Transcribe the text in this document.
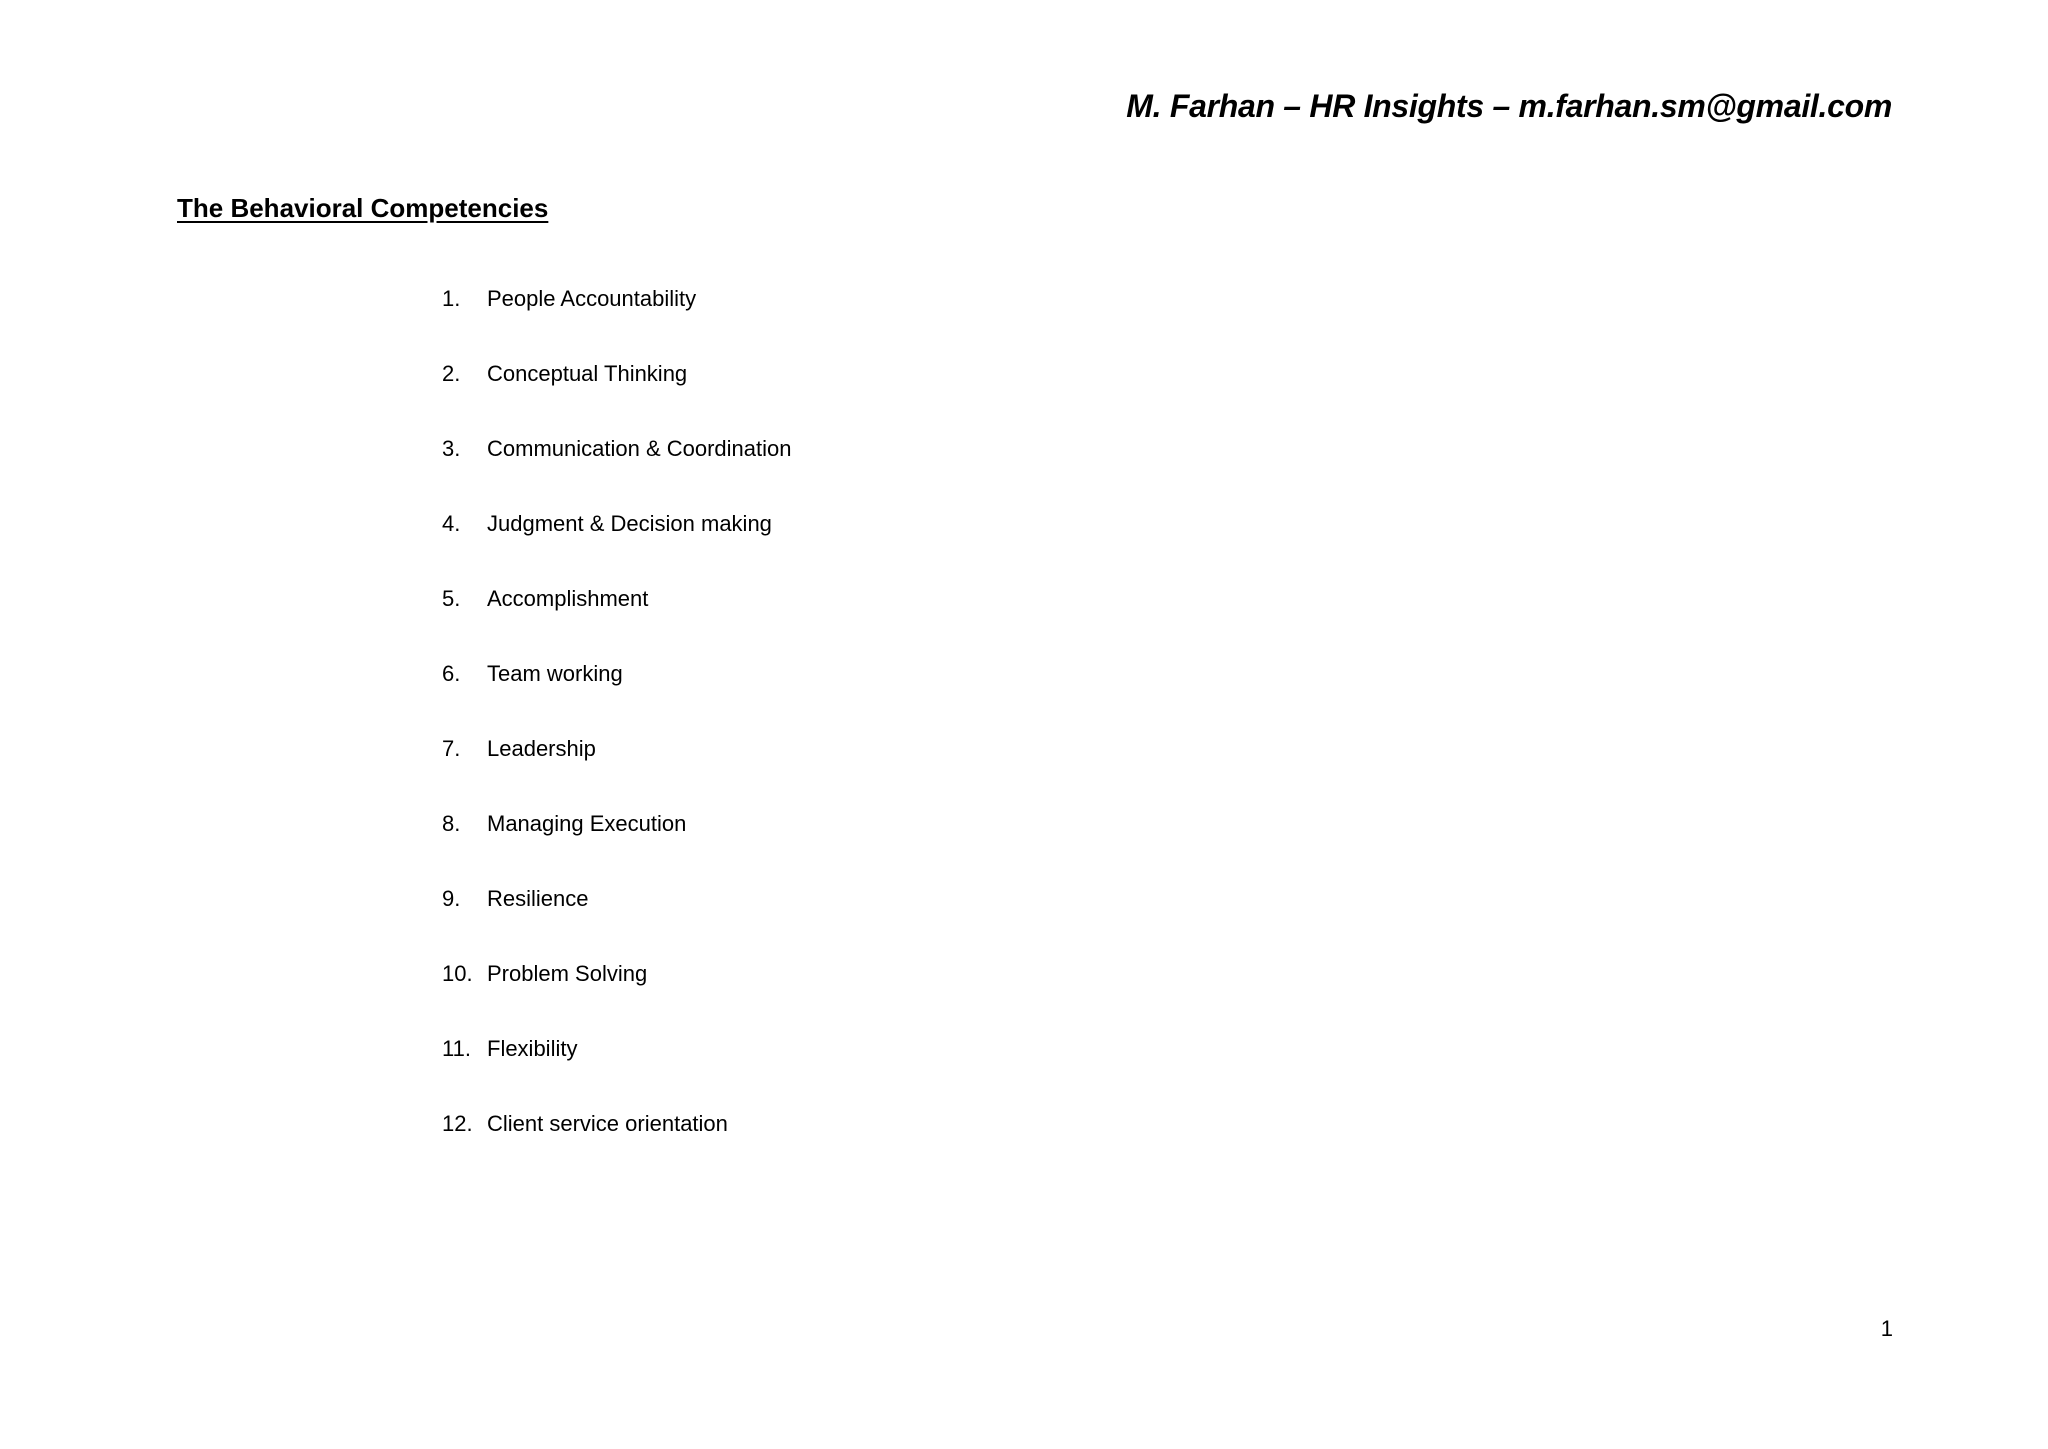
M. Farhan – HR Insights – m.farhan.sm@gmail.com
The Behavioral Competencies
1.	People Accountability
2.	Conceptual Thinking
3.	Communication & Coordination
4.	Judgment & Decision making
5.	Accomplishment
6.	Team working
7.	Leadership
8.	Managing Execution
9.	Resilience
10. Problem Solving
11. Flexibility
12. Client service orientation
1
